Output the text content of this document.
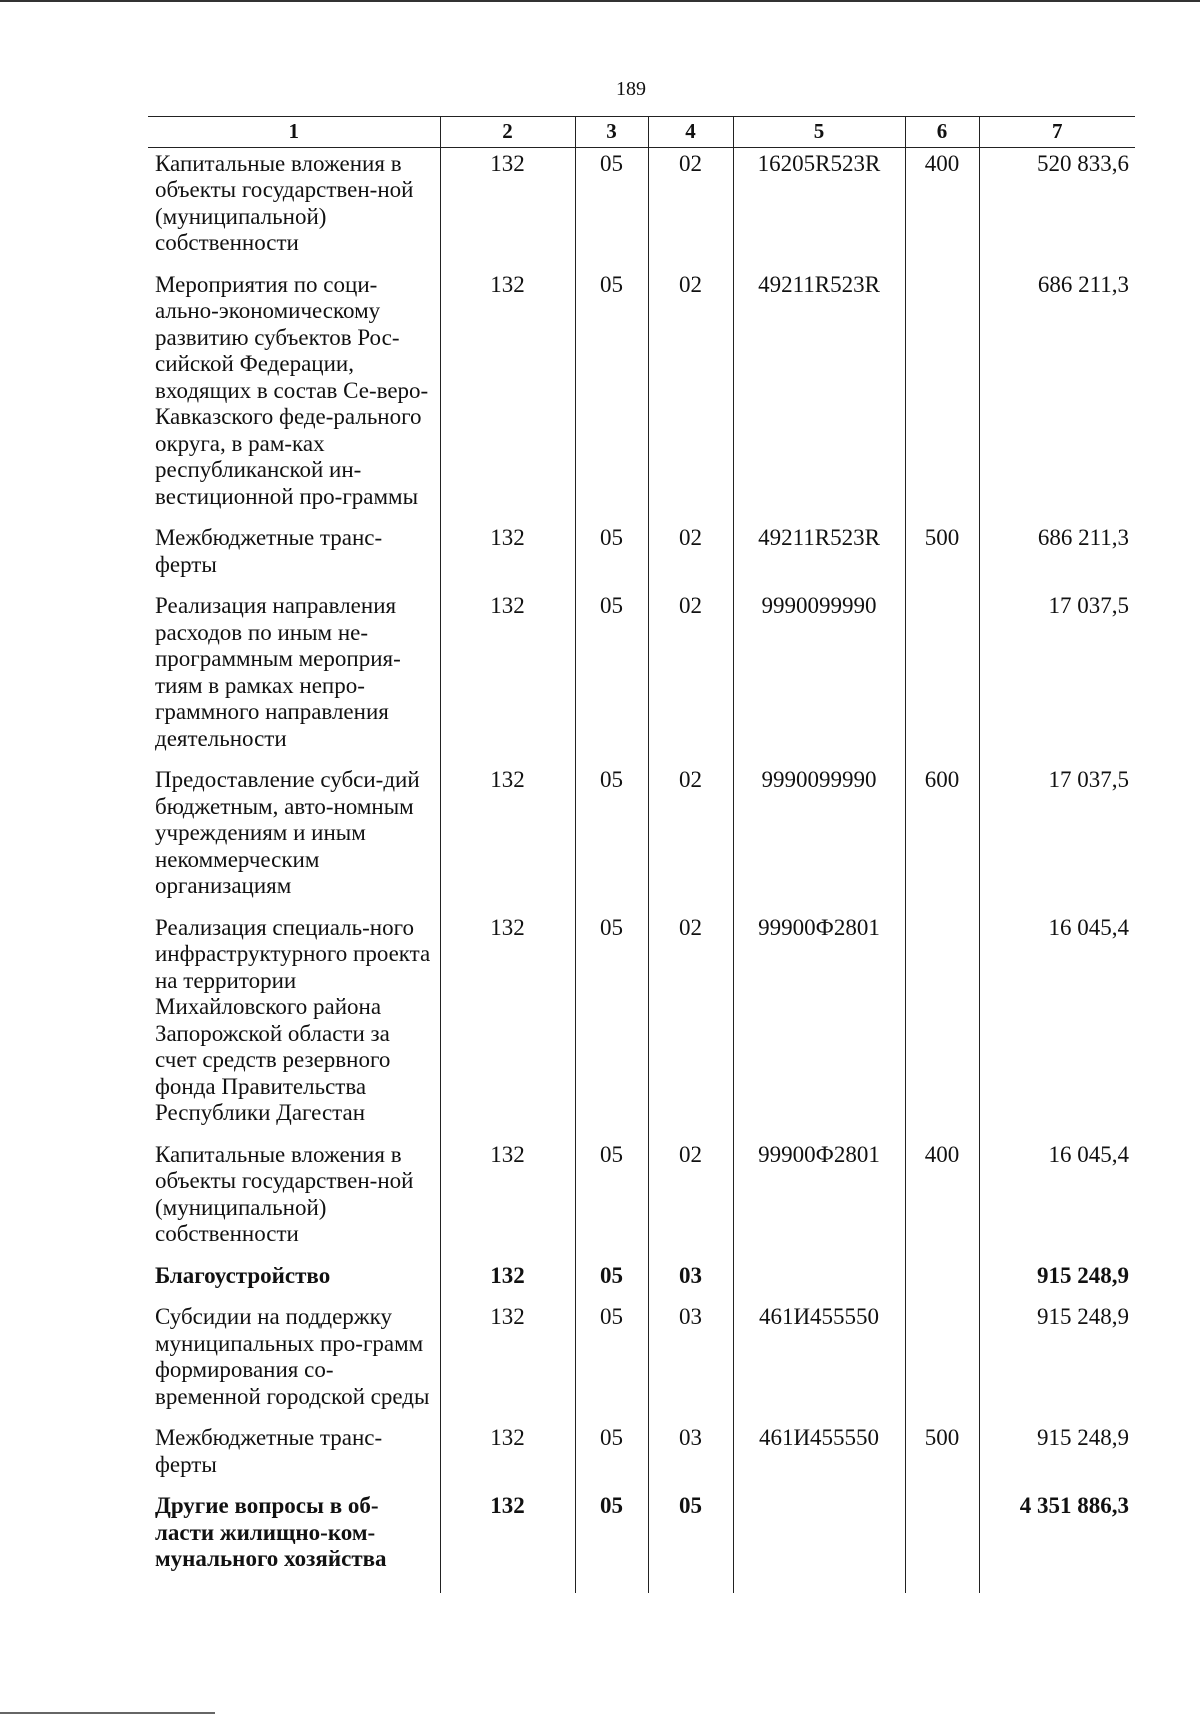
189
1	2	3	4	5	6	7
Капитальные вложения в объекты государствен-ной (муниципальной) собственности	132	05	02	16205R523R	400	520 833,6
Мероприятия по соци-ально-экономическому развитию субъектов Рос-сийской Федерации, входящих в состав Се-веро-Кавказского феде-рального округа, в рам-ках республиканской ин-вестиционной про-граммы	132	05	02	49211R523R		686 211,3
Межбюджетные транс-ферты	132	05	02	49211R523R	500	686 211,3
Реализация направления расходов по иным не-программным мероприя-тиям в рамках непро-граммного направления деятельности	132	05	02	9990099990		17 037,5
Предоставление субси-дий бюджетным, авто-номным учреждениям и иным некоммерческим организациям	132	05	02	9990099990	600	17 037,5
Реализация специаль-ного инфраструктурного проекта на территории Михайловского района Запорожской области за счет средств резервного фонда Правительства Республики Дагестан	132	05	02	99900Ф2801		16 045,4
Капитальные вложения в объекты государствен-ной (муниципальной) собственности	132	05	02	99900Ф2801	400	16 045,4
Благоустройство	132	05	03			915 248,9
Субсидии на поддержку муниципальных про-грамм формирования со-временной городской среды	132	05	03	461И455550		915 248,9
Межбюджетные транс-ферты	132	05	03	461И455550	500	915 248,9
Другие вопросы в об-ласти жилищно-ком-мунального хозяйства	132	05	05			4 351 886,3
